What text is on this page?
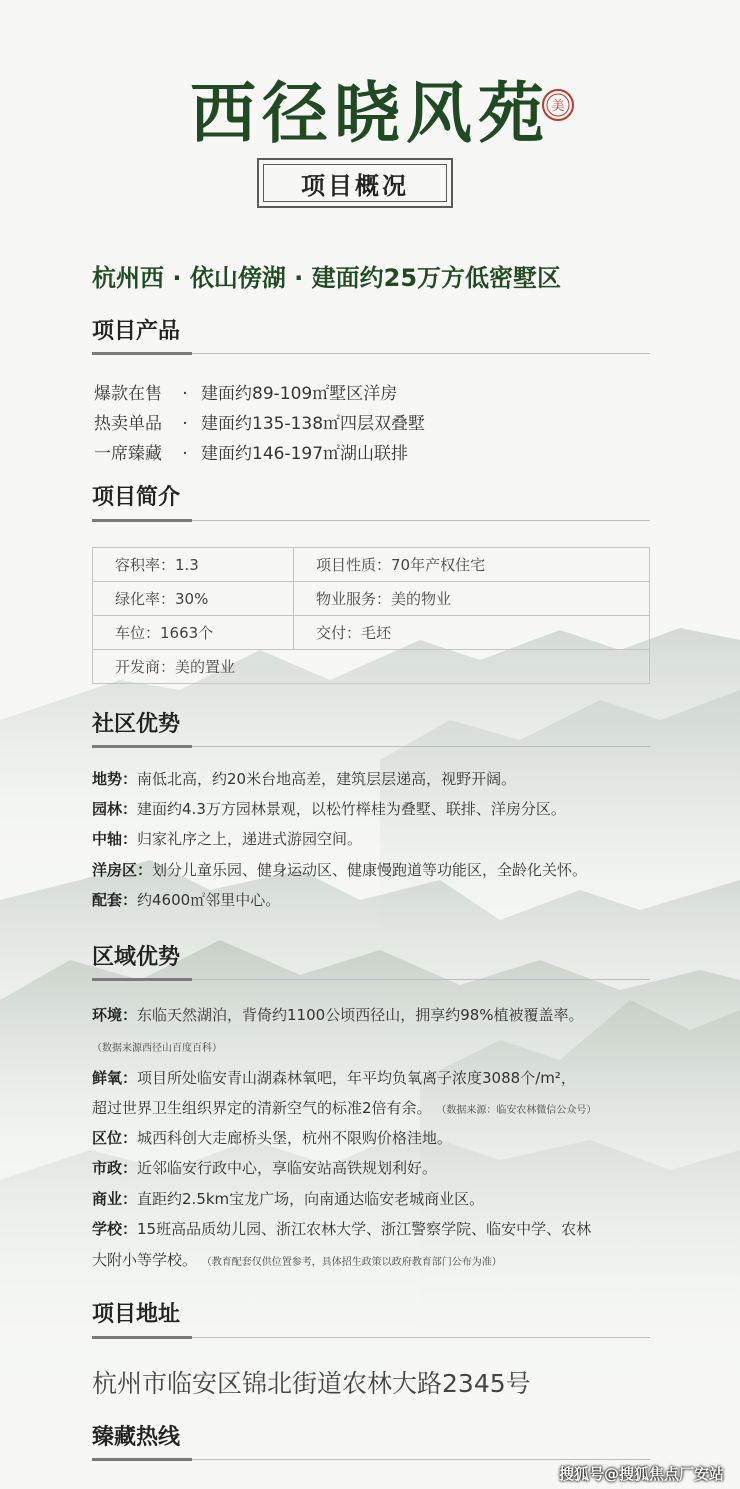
西径晓风苑 美
项目概况
杭州西 · 依山傍湖 · 建面约25万方低密墅区
项目产品
爆款在售 · 建面约89-109㎡墅区洋房
热卖单品 · 建面约135-138㎡四层双叠墅
一席臻藏 · 建面约146-197㎡湖山联排
项目简介
容积率：1.3	项目性质：70年产权住宅
绿化率：30%	物业服务：美的物业
车位：1663个	交付：毛坯
开发商：美的置业	
社区优势
地势：南低北高，约20米台地高差，建筑层层递高，视野开阔。
园林：建面约4.3万方园林景观，以松竹榉桂为叠墅、联排、洋房分区。
中轴：归家礼序之上，递进式游园空间。
洋房区：划分儿童乐园、健身运动区、健康慢跑道等功能区，全龄化关怀。
配套：约4600㎡邻里中心。
区域优势
环境：东临天然湖泊，背倚约1100公顷西径山，拥享约98%植被覆盖率。
（数据来源西径山百度百科）
鲜氧：项目所处临安青山湖森林氧吧，年平均负氧离子浓度3088个/m²，
超过世界卫生组织界定的清新空气的标准2倍有余。 （数据来源：临安农林微信公众号）
区位：城西科创大走廊桥头堡，杭州不限购价格洼地。
市政：近邻临安行政中心，享临安站高铁规划利好。
商业：直距约2.5km宝龙广场，向南通达临安老城商业区。
学校：15班高品质幼儿园、浙江农林大学、浙江警察学院、临安中学、农林
大附小等学校。 （教育配套仅供位置参考，具体招生政策以政府教育部门公布为准）
项目地址
杭州市临安区锦北街道农林大路2345号
臻藏热线
搜狐号@搜狐焦点厂安站
